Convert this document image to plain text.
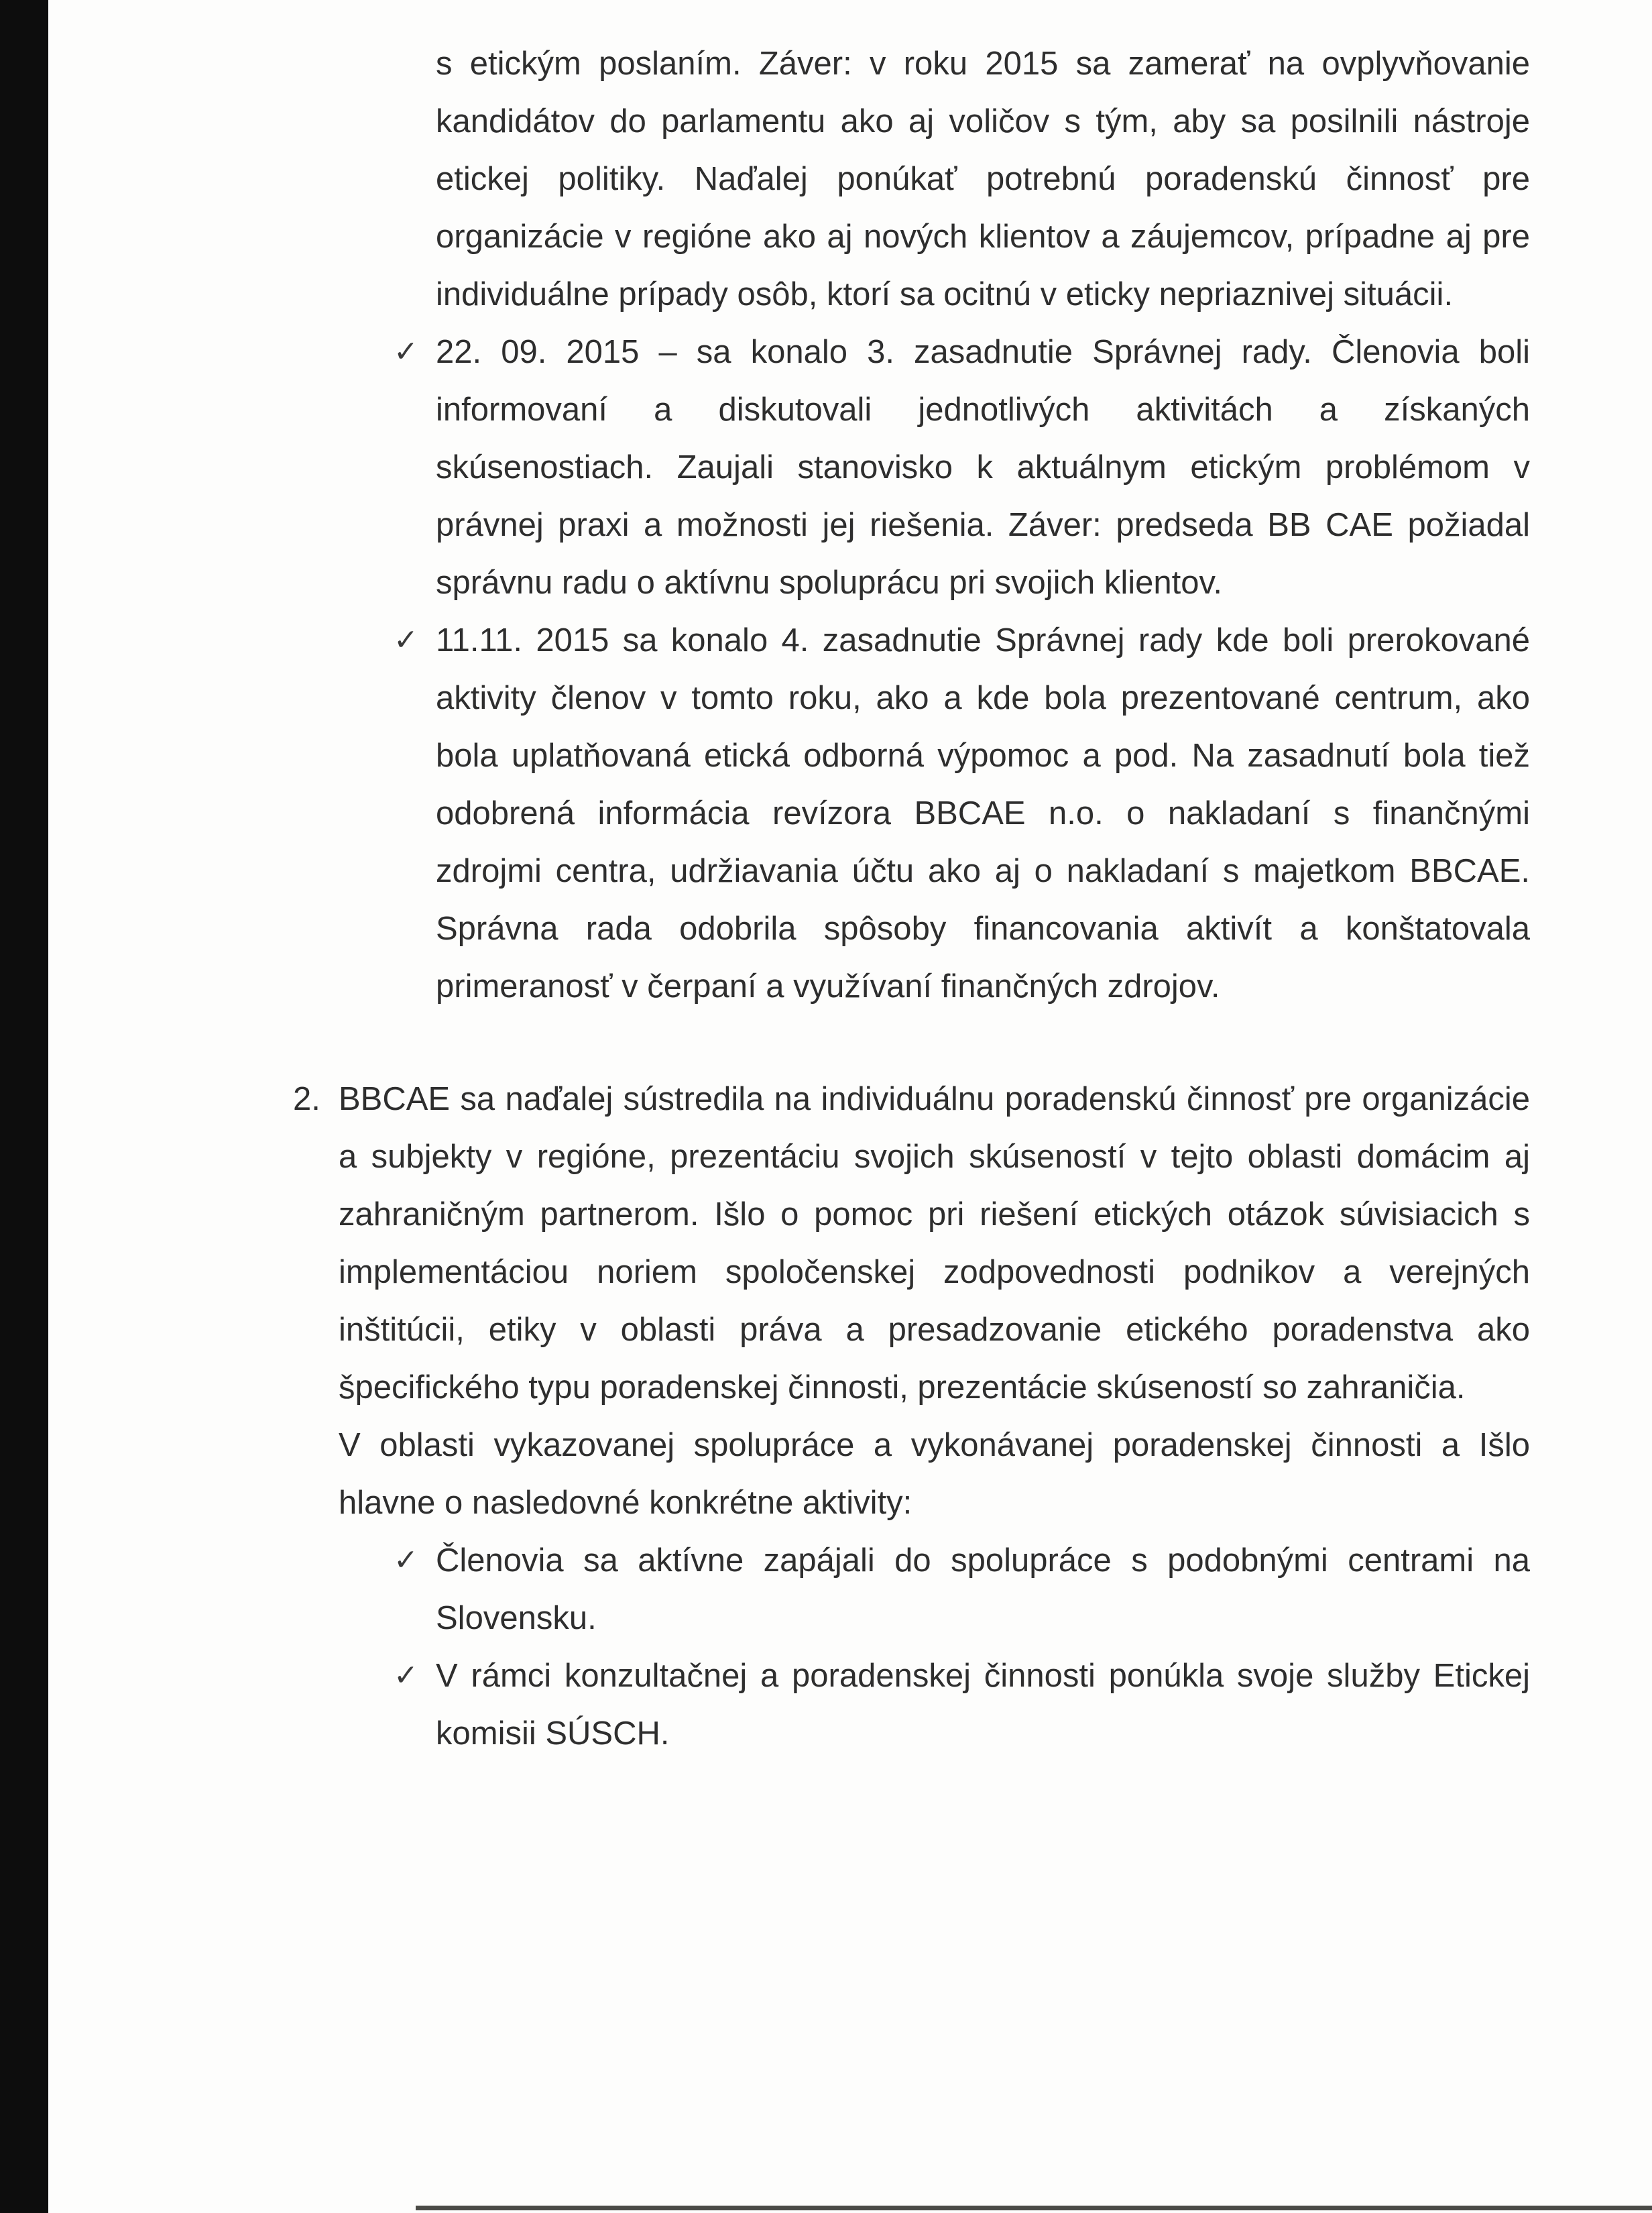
s etickým poslaním. Záver: v roku 2015 sa zamerať na ovplyvňovanie kandidátov do parlamentu ako aj voličov s tým, aby sa posilnili nástroje etickej politiky. Naďalej ponúkať potrebnú poradenskú činnosť pre organizácie v regióne ako aj nových klientov a záujemcov, prípadne aj pre individuálne prípady osôb, ktorí sa ocitnú v eticky nepriaznivej situácii.

✓ 22. 09. 2015 – sa konalo 3. zasadnutie Správnej rady. Členovia boli informovaní a diskutovali jednotlivých aktivitách a získaných skúsenostiach. Zaujali stanovisko k aktuálnym etickým problémom v právnej praxi a možnosti jej riešenia. Záver: predseda BB CAE požiadal správnu radu o aktívnu spoluprácu pri svojich klientov.

✓ 11.11. 2015 sa konalo 4. zasadnutie Správnej rady kde boli prerokované aktivity členov v tomto roku, ako a kde bola prezentované centrum, ako bola uplatňovaná etická odborná výpomoc a pod. Na zasadnutí bola tiež odobrená informácia revízora BBCAE n.o. o nakladaní s finančnými zdrojmi centra, udržiavania účtu ako aj o nakladaní s majetkom BBCAE. Správna rada odobrila spôsoby financovania aktivít a konštatovala primeranosť v čerpaní a využívaní finančných zdrojov.

2. BBCAE sa naďalej sústredila na individuálnu poradenskú činnosť pre organizácie a subjekty v regióne, prezentáciu svojich skúseností v tejto oblasti domácim aj zahraničným partnerom. Išlo o pomoc pri riešení etických otázok súvisiacich s implementáciou noriem spoločenskej zodpovednosti podnikov a verejných inštitúcii, etiky v oblasti práva a presadzovanie etického poradenstva ako špecifického typu poradenskej činnosti, prezentácie skúseností so zahraničia.

V oblasti vykazovanej spolupráce a vykonávanej poradenskej činnosti a Išlo hlavne o nasledovné konkrétne aktivity:

✓ Členovia sa aktívne zapájali do spolupráce s podobnými centrami na Slovensku.

✓ V rámci konzultačnej a poradenskej činnosti ponúkla svoje služby Etickej komisii SÚSCH.
